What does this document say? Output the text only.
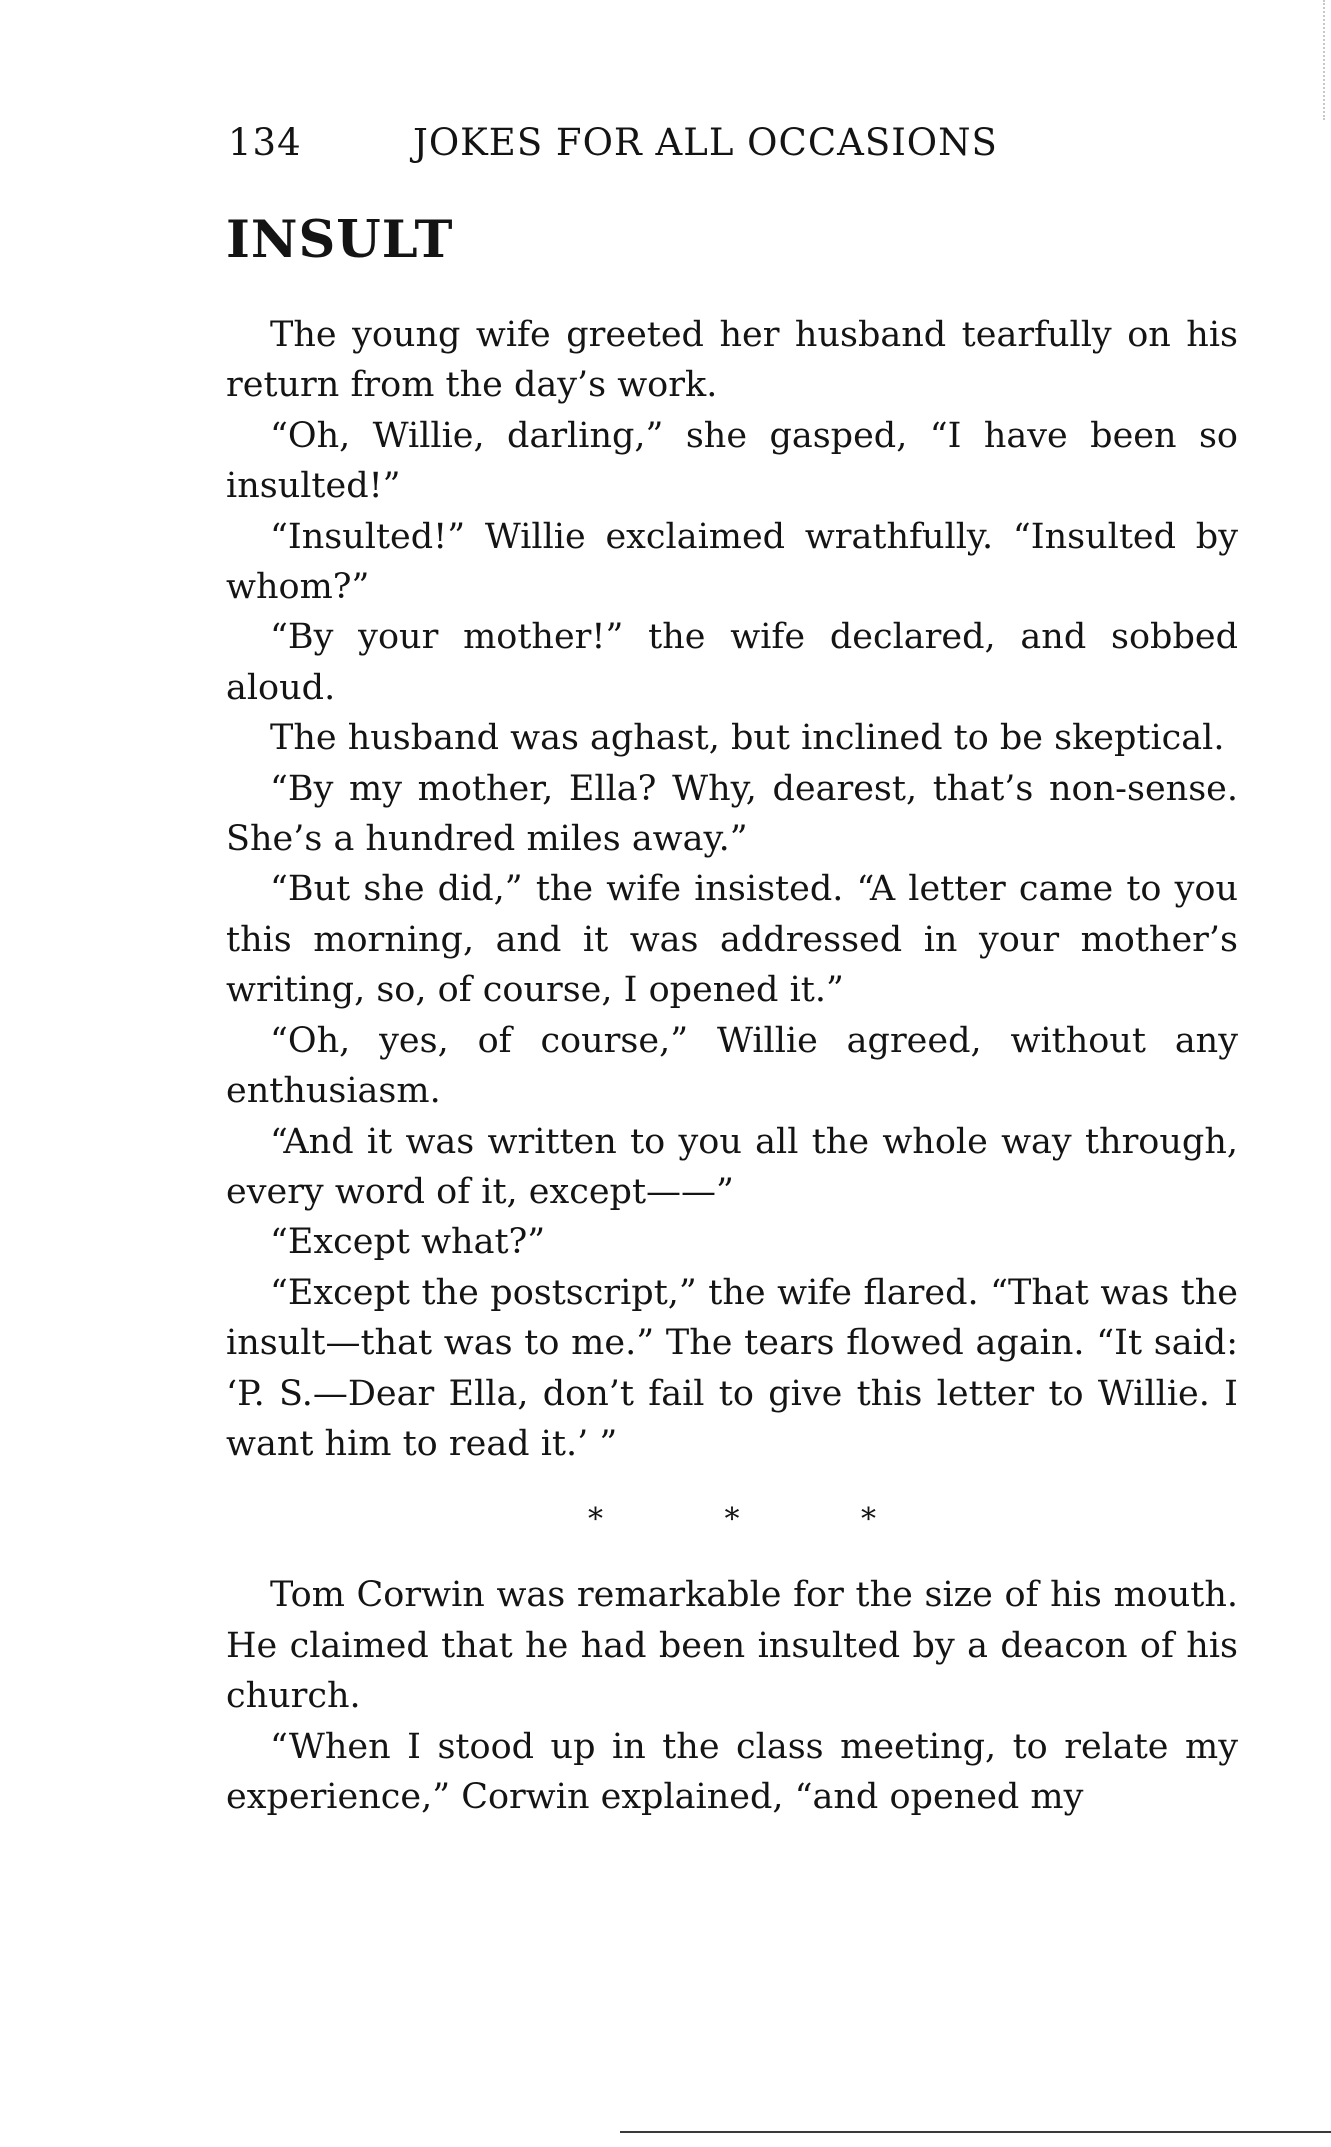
134	JOKES FOR ALL OCCASIONS
INSULT

The young wife greeted her husband tearfully on his return from the day’s work.

“Oh, Willie, darling,” she gasped, “I have been so insulted!”

“Insulted!” Willie exclaimed wrathfully. “Insulted by whom?”

“By your mother!” the wife declared, and sobbed aloud.

The husband was aghast, but inclined to be skeptical.

“By my mother, Ella? Why, dearest, that’s non-sense. She’s a hundred miles away.”

“But she did,” the wife insisted. “A letter came to you this morning, and it was addressed in your mother’s writing, so, of course, I opened it.”

“Oh, yes, of course,” Willie agreed, without any enthusiasm.

“And it was written to you all the whole way through, every word of it, except——”

“Except what?”

“Except the postscript,” the wife flared. “That was the insult—that was to me.” The tears flowed again. “It said: ‘P. S.—Dear Ella, don’t fail to give this letter to Willie. I want him to read it.’ ”

* * *

Tom Corwin was remarkable for the size of his mouth. He claimed that he had been insulted by a deacon of his church.

“When I stood up in the class meeting, to relate my experience,” Corwin explained, “and opened my
